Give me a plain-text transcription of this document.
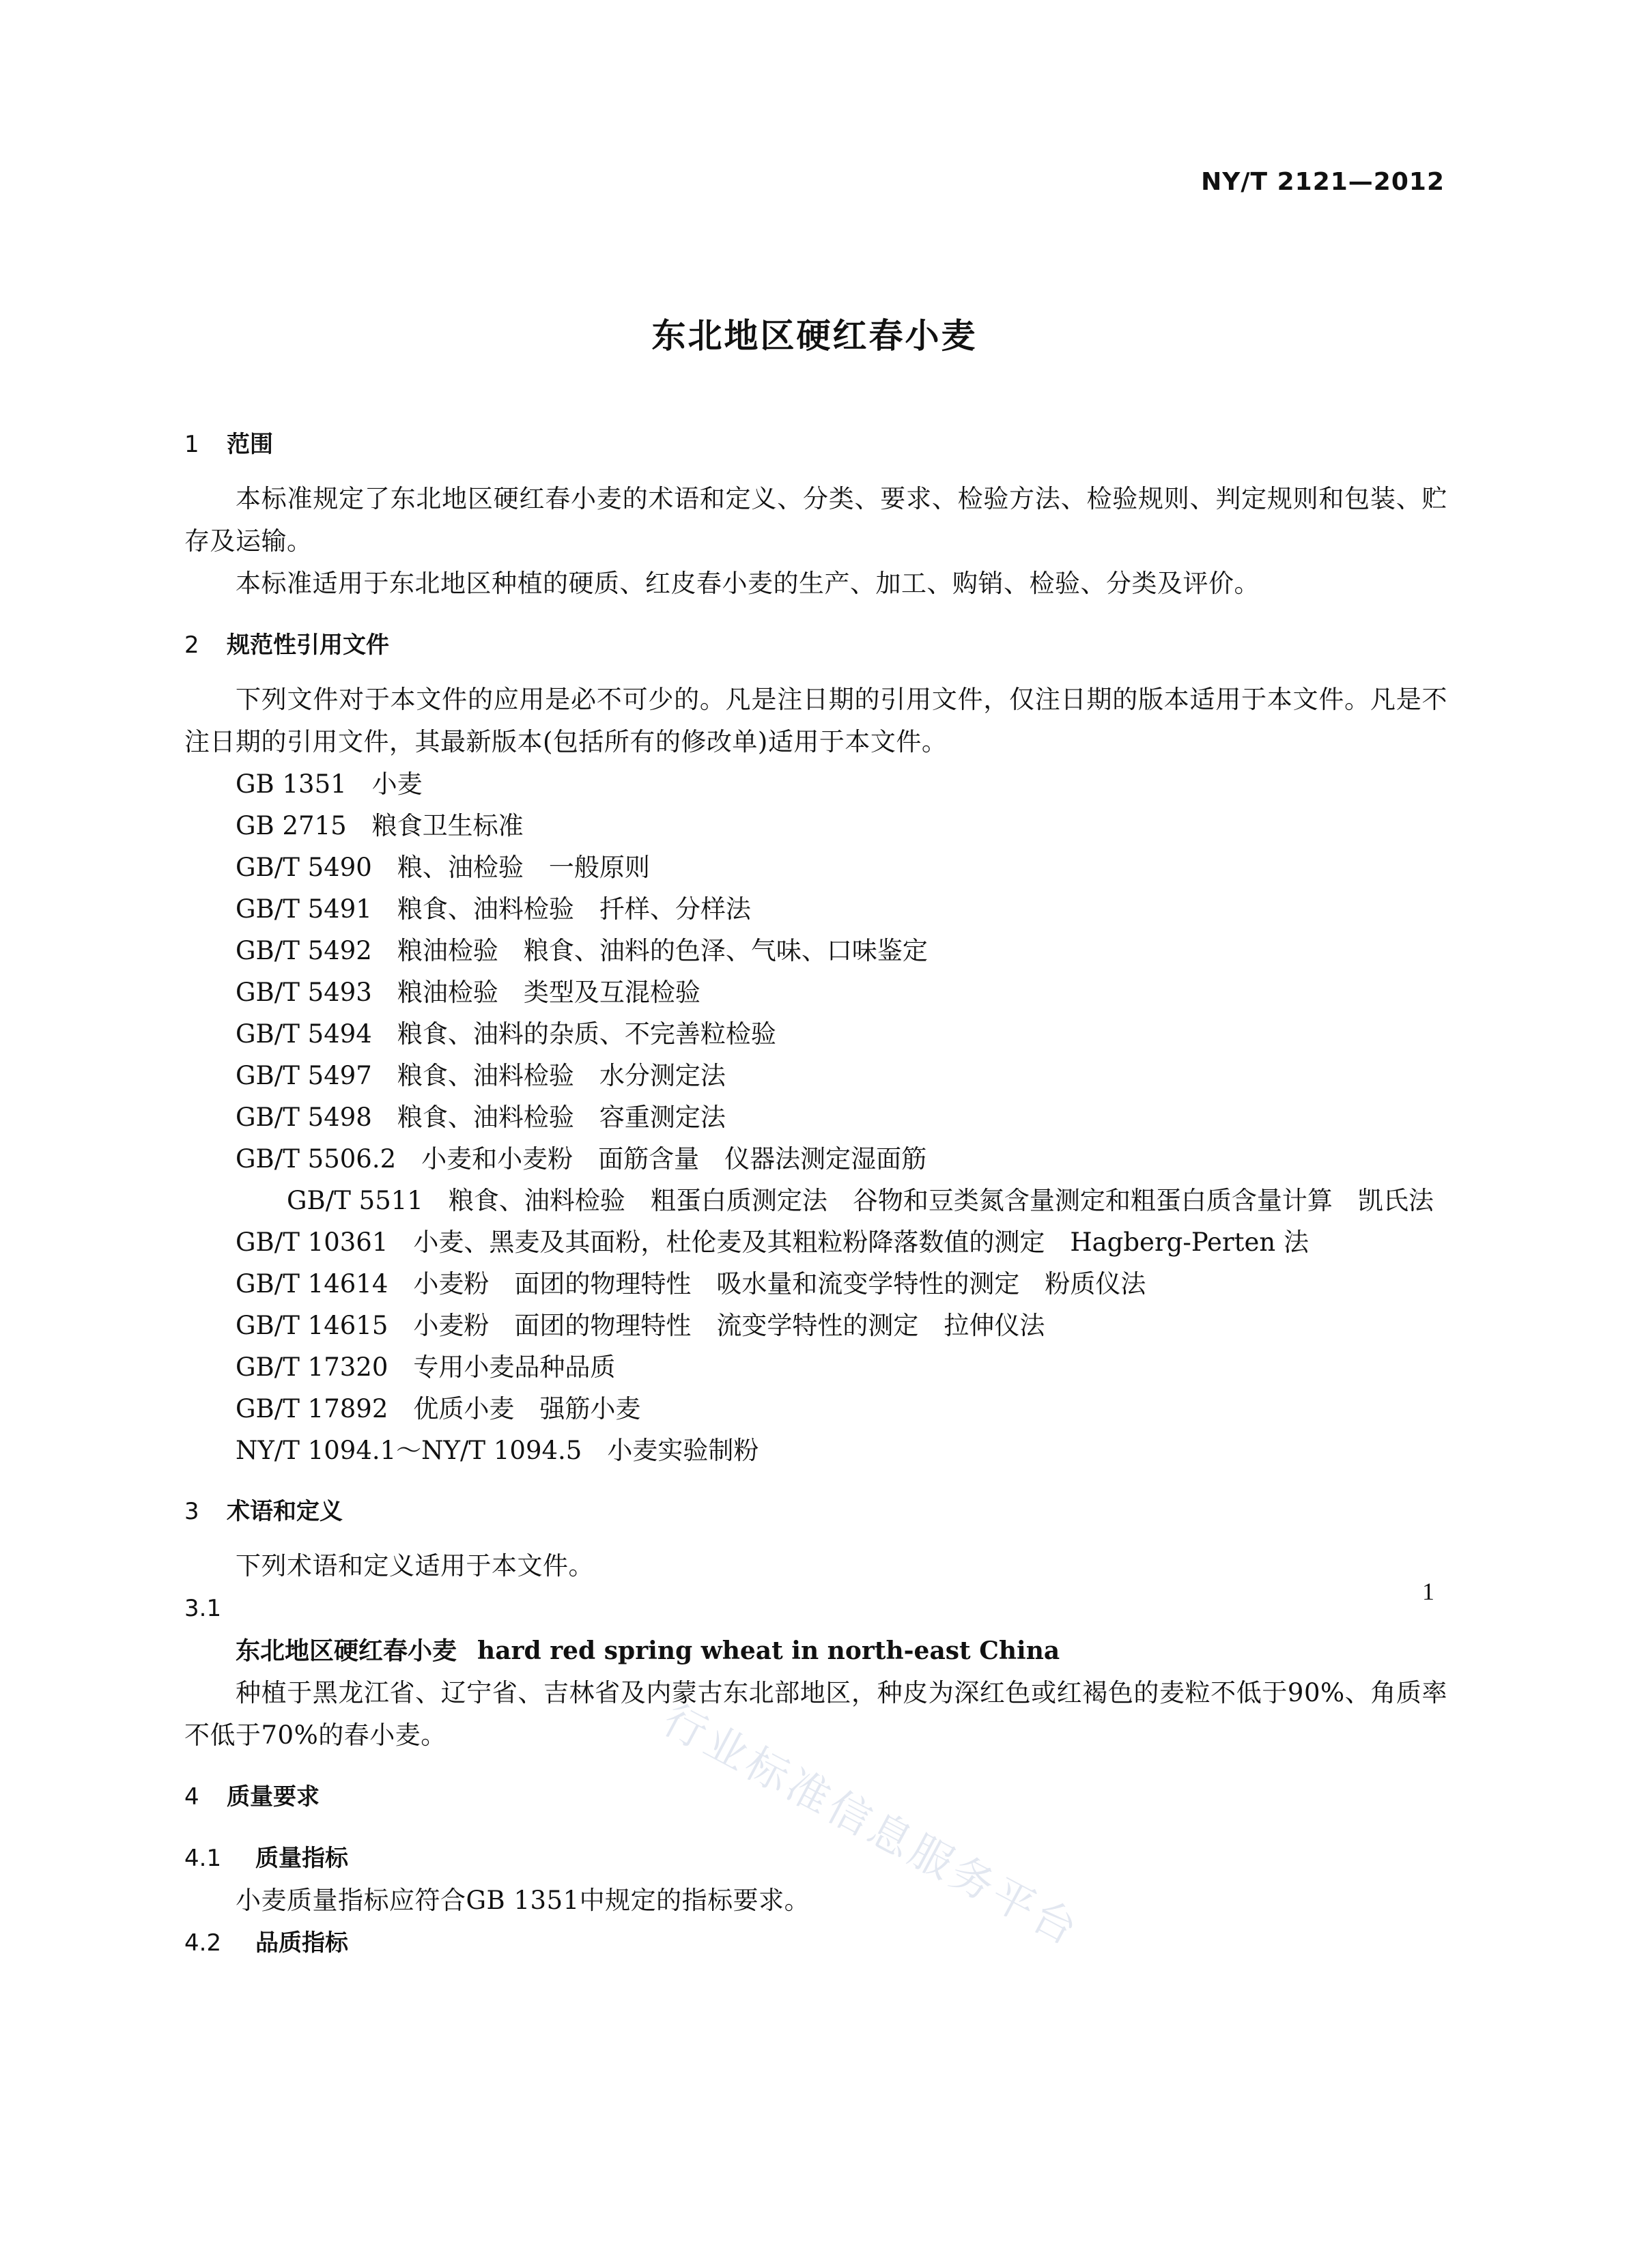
NY/T 2121—2012
东北地区硬红春小麦
1 范围
本标准规定了东北地区硬红春小麦的术语和定义、分类、要求、检验方法、检验规则、判定规则和包装、贮存及运输。
本标准适用于东北地区种植的硬质、红皮春小麦的生产、加工、购销、检验、分类及评价。
2 规范性引用文件
下列文件对于本文件的应用是必不可少的。凡是注日期的引用文件，仅注日期的版本适用于本文件。凡是不注日期的引用文件，其最新版本(包括所有的修改单)适用于本文件。
GB 1351　 小麦
GB 2715　 粮食卫生标准
GB/T 5490　 粮、油检验　一般原则
GB/T 5491　 粮食、油料检验　扦样、分样法
GB/T 5492　 粮油检验　粮食、油料的色泽、气味、口味鉴定
GB/T 5493　 粮油检验　类型及互混检验
GB/T 5494　 粮食、油料的杂质、不完善粒检验
GB/T 5497　 粮食、油料检验　水分测定法
GB/T 5498　 粮食、油料检验　容重测定法
GB/T 5506.2　 小麦和小麦粉　面筋含量　仪器法测定湿面筋
GB/T 5511　 粮食、油料检验　粗蛋白质测定法　谷物和豆类氮含量测定和粗蛋白质含量计算　凯氏法
GB/T 10361　 小麦、黑麦及其面粉，杜伦麦及其粗粒粉降落数值的测定　Hagberg-Perten 法
GB/T 14614　 小麦粉　面团的物理特性　吸水量和流变学特性的测定　粉质仪法
GB/T 14615　 小麦粉　面团的物理特性　流变学特性的测定　拉伸仪法
GB/T 17320　 专用小麦品种品质
GB/T 17892　 优质小麦　强筋小麦
NY/T 1094.1～NY/T 1094.5　 小麦实验制粉
3 术语和定义
下列术语和定义适用于本文件。
3.1
东北地区硬红春小麦 hard red spring wheat in north-east China
种植于黑龙江省、辽宁省、吉林省及内蒙古东北部地区，种皮为深红色或红褐色的麦粒不低于90%、角质率不低于70%的春小麦。
4 质量要求
4.1 质量指标
小麦质量指标应符合GB 1351中规定的指标要求。
4.2 品质指标
1
行业标准信息服务平台
